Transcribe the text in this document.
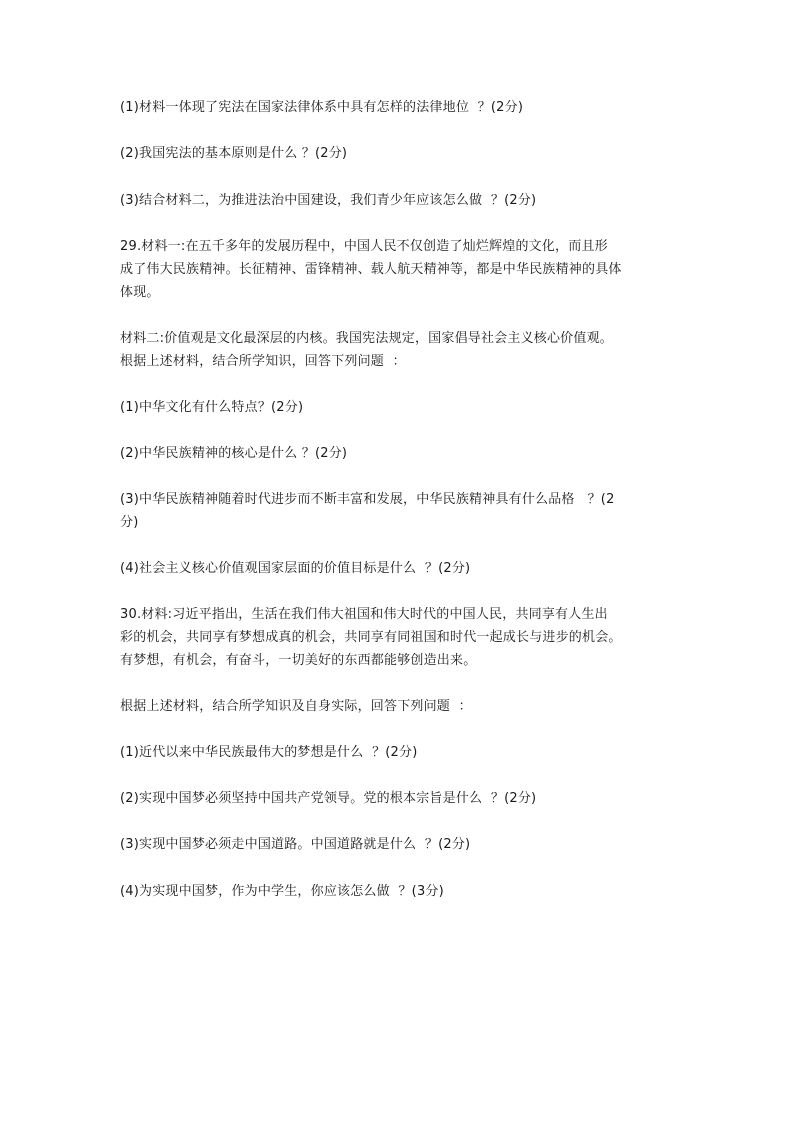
(1)材料一体现了宪法在国家法律体系中具有怎样的法律地位  ？(2分)
(2)我国宪法的基本原则是什么 ？(2分)
(3)结合材料二，为推进法治中国建设，我们青少年应该怎么做  ？(2分)
29.材料一:在五千多年的发展历程中，中国人民不仅创造了灿烂辉煌的文化，而且形
成了伟大民族精神。长征精神、雷锋精神、载人航天精神等，都是中华民族精神的具体
体现。
材料二:价值观是文化最深层的内核。我国宪法规定，国家倡导社会主义核心价值观。
根据上述材料，结合所学知识，回答下列问题  ：
(1)中华文化有什么特点？(2分)
(2)中华民族精神的核心是什么 ？(2分)
(3)中华民族精神随着时代进步而不断丰富和发展，中华民族精神具有什么品格   ？(2
分)
(4)社会主义核心价值观国家层面的价值目标是什么  ？(2分)
30.材料:习近平指出，生活在我们伟大祖国和伟大时代的中国人民，共同享有人生出
彩的机会，共同享有梦想成真的机会，共同享有同祖国和时代一起成长与进步的机会。
有梦想，有机会，有奋斗，一切美好的东西都能够创造出来。
根据上述材料，结合所学知识及自身实际，回答下列问题  ：
(1)近代以来中华民族最伟大的梦想是什么  ？(2分)
(2)实现中国梦必须坚持中国共产党领导。党的根本宗旨是什么  ？(2分)
(3)实现中国梦必须走中国道路。中国道路就是什么  ？(2分)
(4)为实现中国梦，作为中学生，你应该怎么做  ？(3分)
